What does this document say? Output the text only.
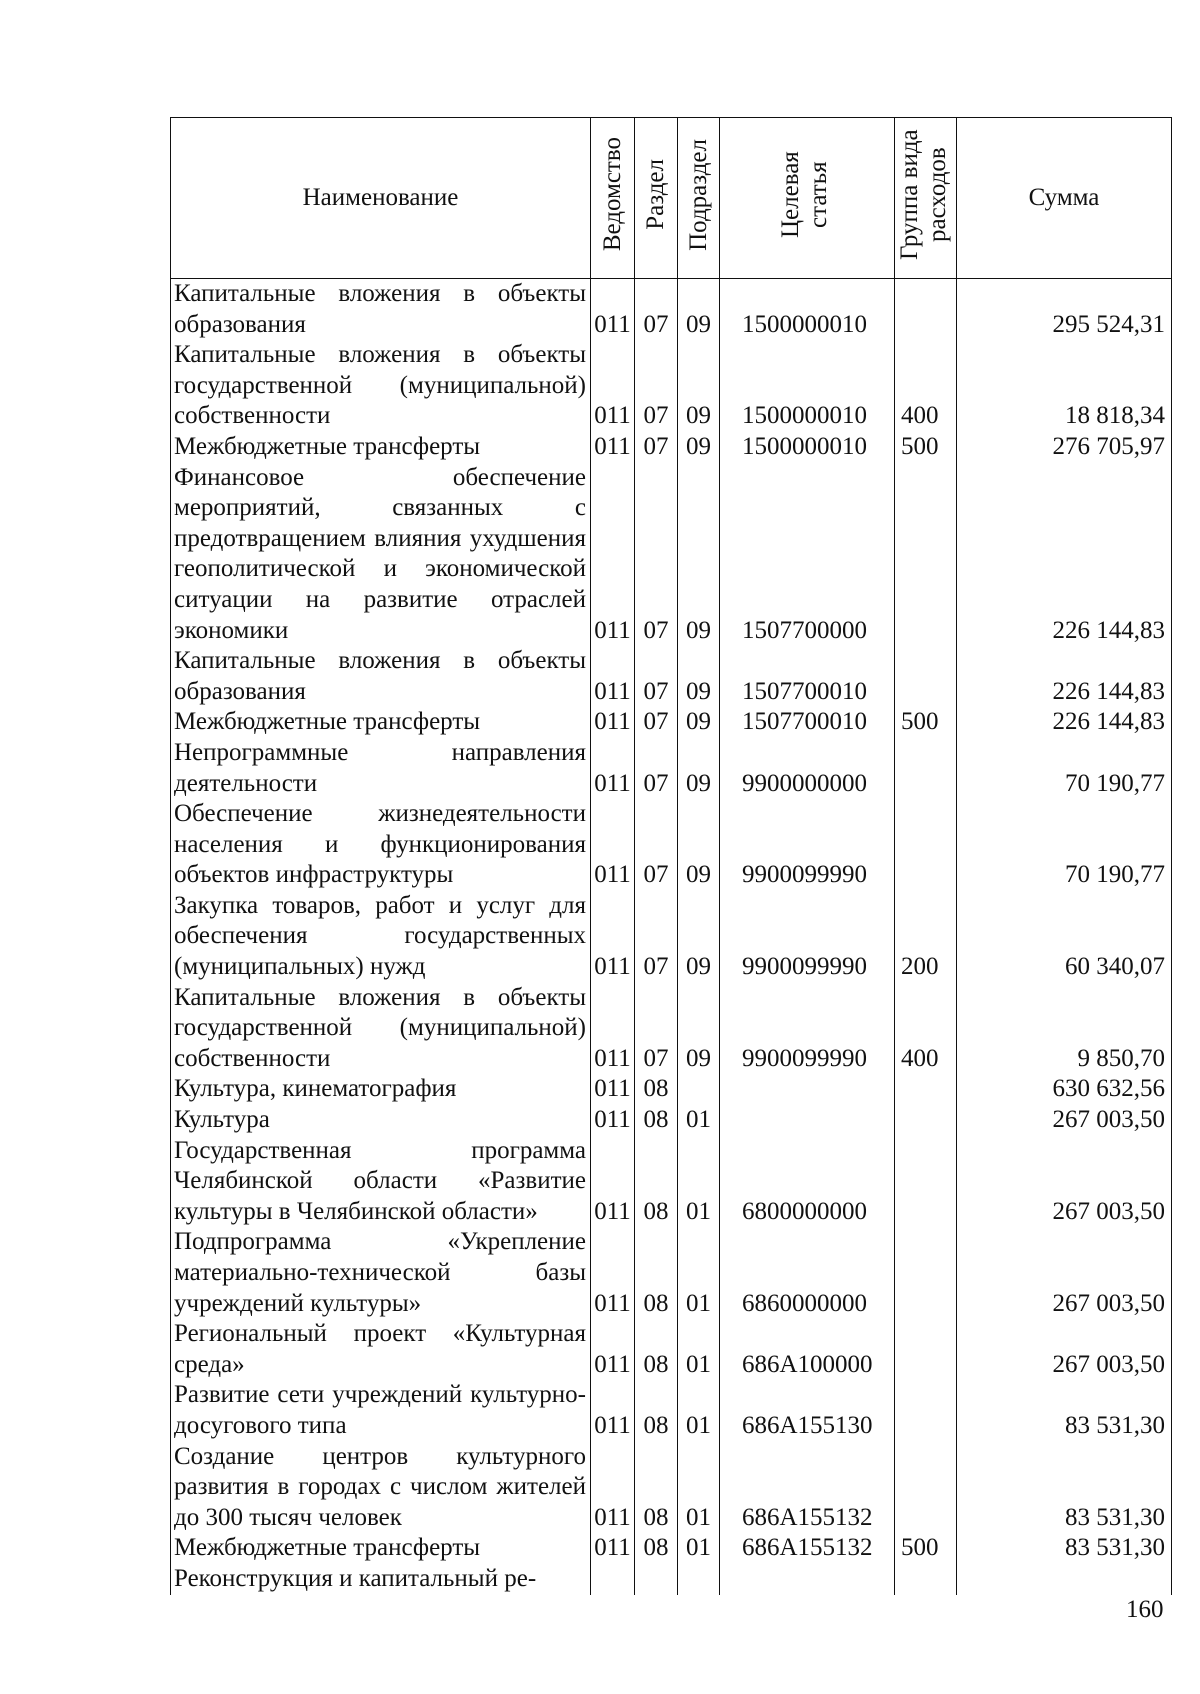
Наименование	Ведомство	Раздел	Подраздел	Целевая статья	Группа вида расходов	Сумма
Капитальные вложения в объекты образования	011	07	09	1500000010		295 524,31
Капитальные вложения в объекты государственной (муниципальной) собственности	011	07	09	1500000010	400	18 818,34
Межбюджетные трансферты	011	07	09	1500000010	500	276 705,97
Финансовое обеспечение мероприятий, связанных с предотвращением влияния ухудшения геополитической и экономической ситуации на развитие отраслей экономики	011	07	09	1507700000		226 144,83
Капитальные вложения в объекты образования	011	07	09	1507700010		226 144,83
Межбюджетные трансферты	011	07	09	1507700010	500	226 144,83
Непрограммные направления деятельности	011	07	09	9900000000		70 190,77
Обеспечение жизнедеятельности населения и функционирования объектов инфраструктуры	011	07	09	9900099990		70 190,77
Закупка товаров, работ и услуг для обеспечения государственных (муниципальных) нужд	011	07	09	9900099990	200	60 340,07
Капитальные вложения в объекты государственной (муниципальной) собственности	011	07	09	9900099990	400	9 850,70
Культура, кинематография	011	08				630 632,56
Культура	011	08	01			267 003,50
Государственная программа Челябинской области «Развитие культуры в Челябинской области»	011	08	01	6800000000		267 003,50
Подпрограмма «Укрепление материально-технической базы учреждений культуры»	011	08	01	6860000000		267 003,50
Региональный проект «Культурная среда»	011	08	01	686A100000		267 003,50
Развитие сети учреждений культурно-досугового типа	011	08	01	686A155130		83 531,30
Создание центров культурного развития в городах с числом жителей до 300 тысяч человек	011	08	01	686A155132		83 531,30
Межбюджетные трансферты	011	08	01	686A155132	500	83 531,30
Реконструкция и капитальный ре-						
160
